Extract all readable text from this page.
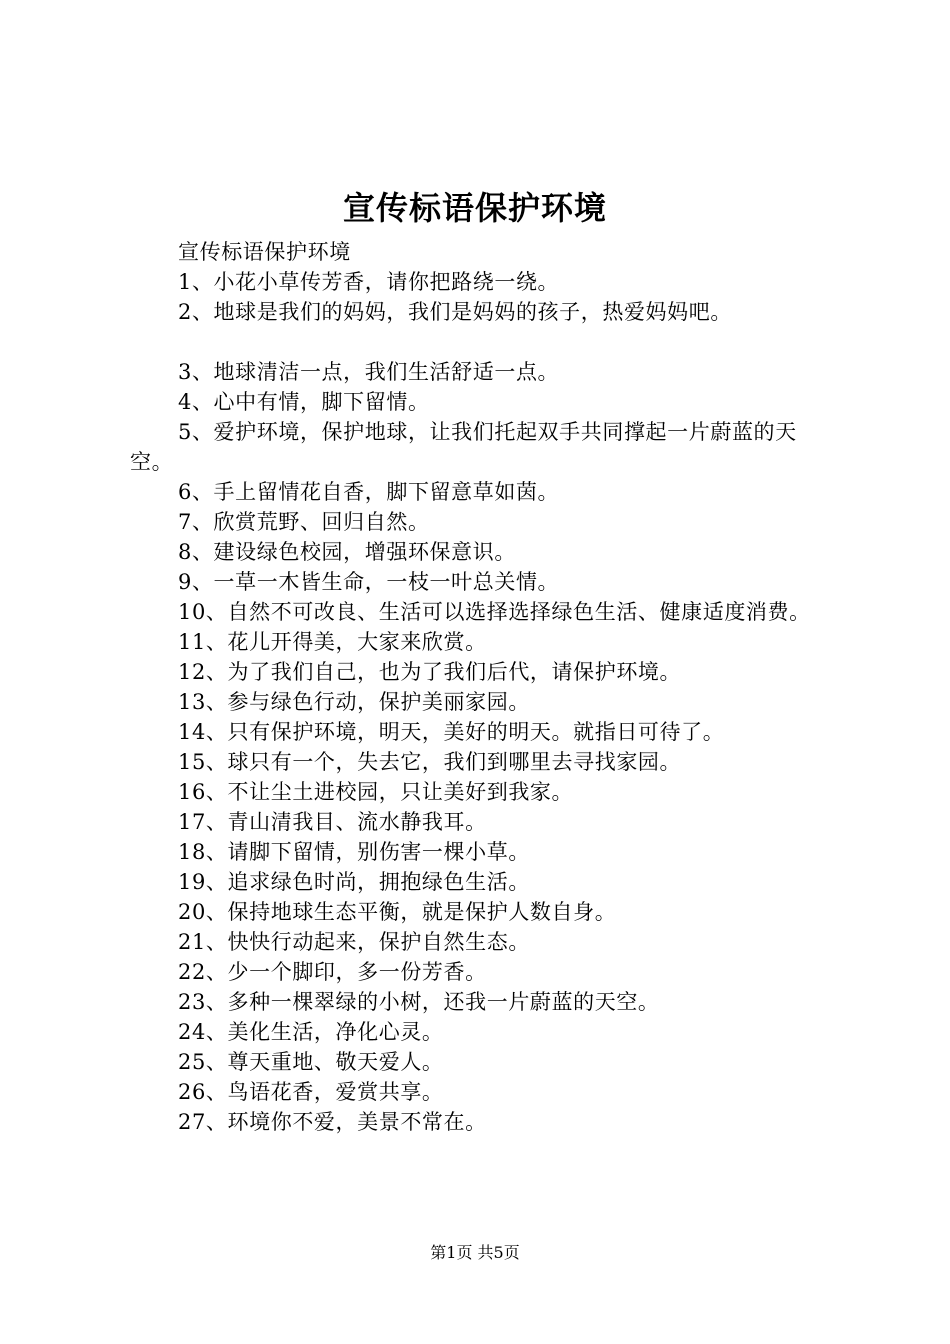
宣传标语保护环境

宣传标语保护环境

1、小花小草传芳香，请你把路绕一绕。

2、地球是我们的妈妈，我们是妈妈的孩子，热爱妈妈吧。

3、地球清洁一点，我们生活舒适一点。

4、心中有情，脚下留情。

5、爱护环境，保护地球，让我们托起双手共同撑起一片蔚蓝的天空。

6、手上留情花自香，脚下留意草如茵。

7、欣赏荒野、回归自然。

8、建设绿色校园，增强环保意识。

9、一草一木皆生命，一枝一叶总关情。

10、自然不可改良、生活可以选择选择绿色生活、健康适度消费。

11、花儿开得美，大家来欣赏。

12、为了我们自己，也为了我们后代，请保护环境。

13、参与绿色行动，保护美丽家园。

14、只有保护环境，明天，美好的明天。就指日可待了。

15、球只有一个，失去它，我们到哪里去寻找家园。

16、不让尘土进校园，只让美好到我家。

17、青山清我目、流水静我耳。

18、请脚下留情，别伤害一棵小草。

19、追求绿色时尚，拥抱绿色生活。

20、保持地球生态平衡，就是保护人数自身。

21、快快行动起来，保护自然生态。

22、少一个脚印，多一份芳香。

23、多种一棵翠绿的小树，还我一片蔚蓝的天空。

24、美化生活，净化心灵。

25、尊天重地、敬天爱人。

26、鸟语花香，爱赏共享。

27、环境你不爱，美景不常在。

第1页 共5页
